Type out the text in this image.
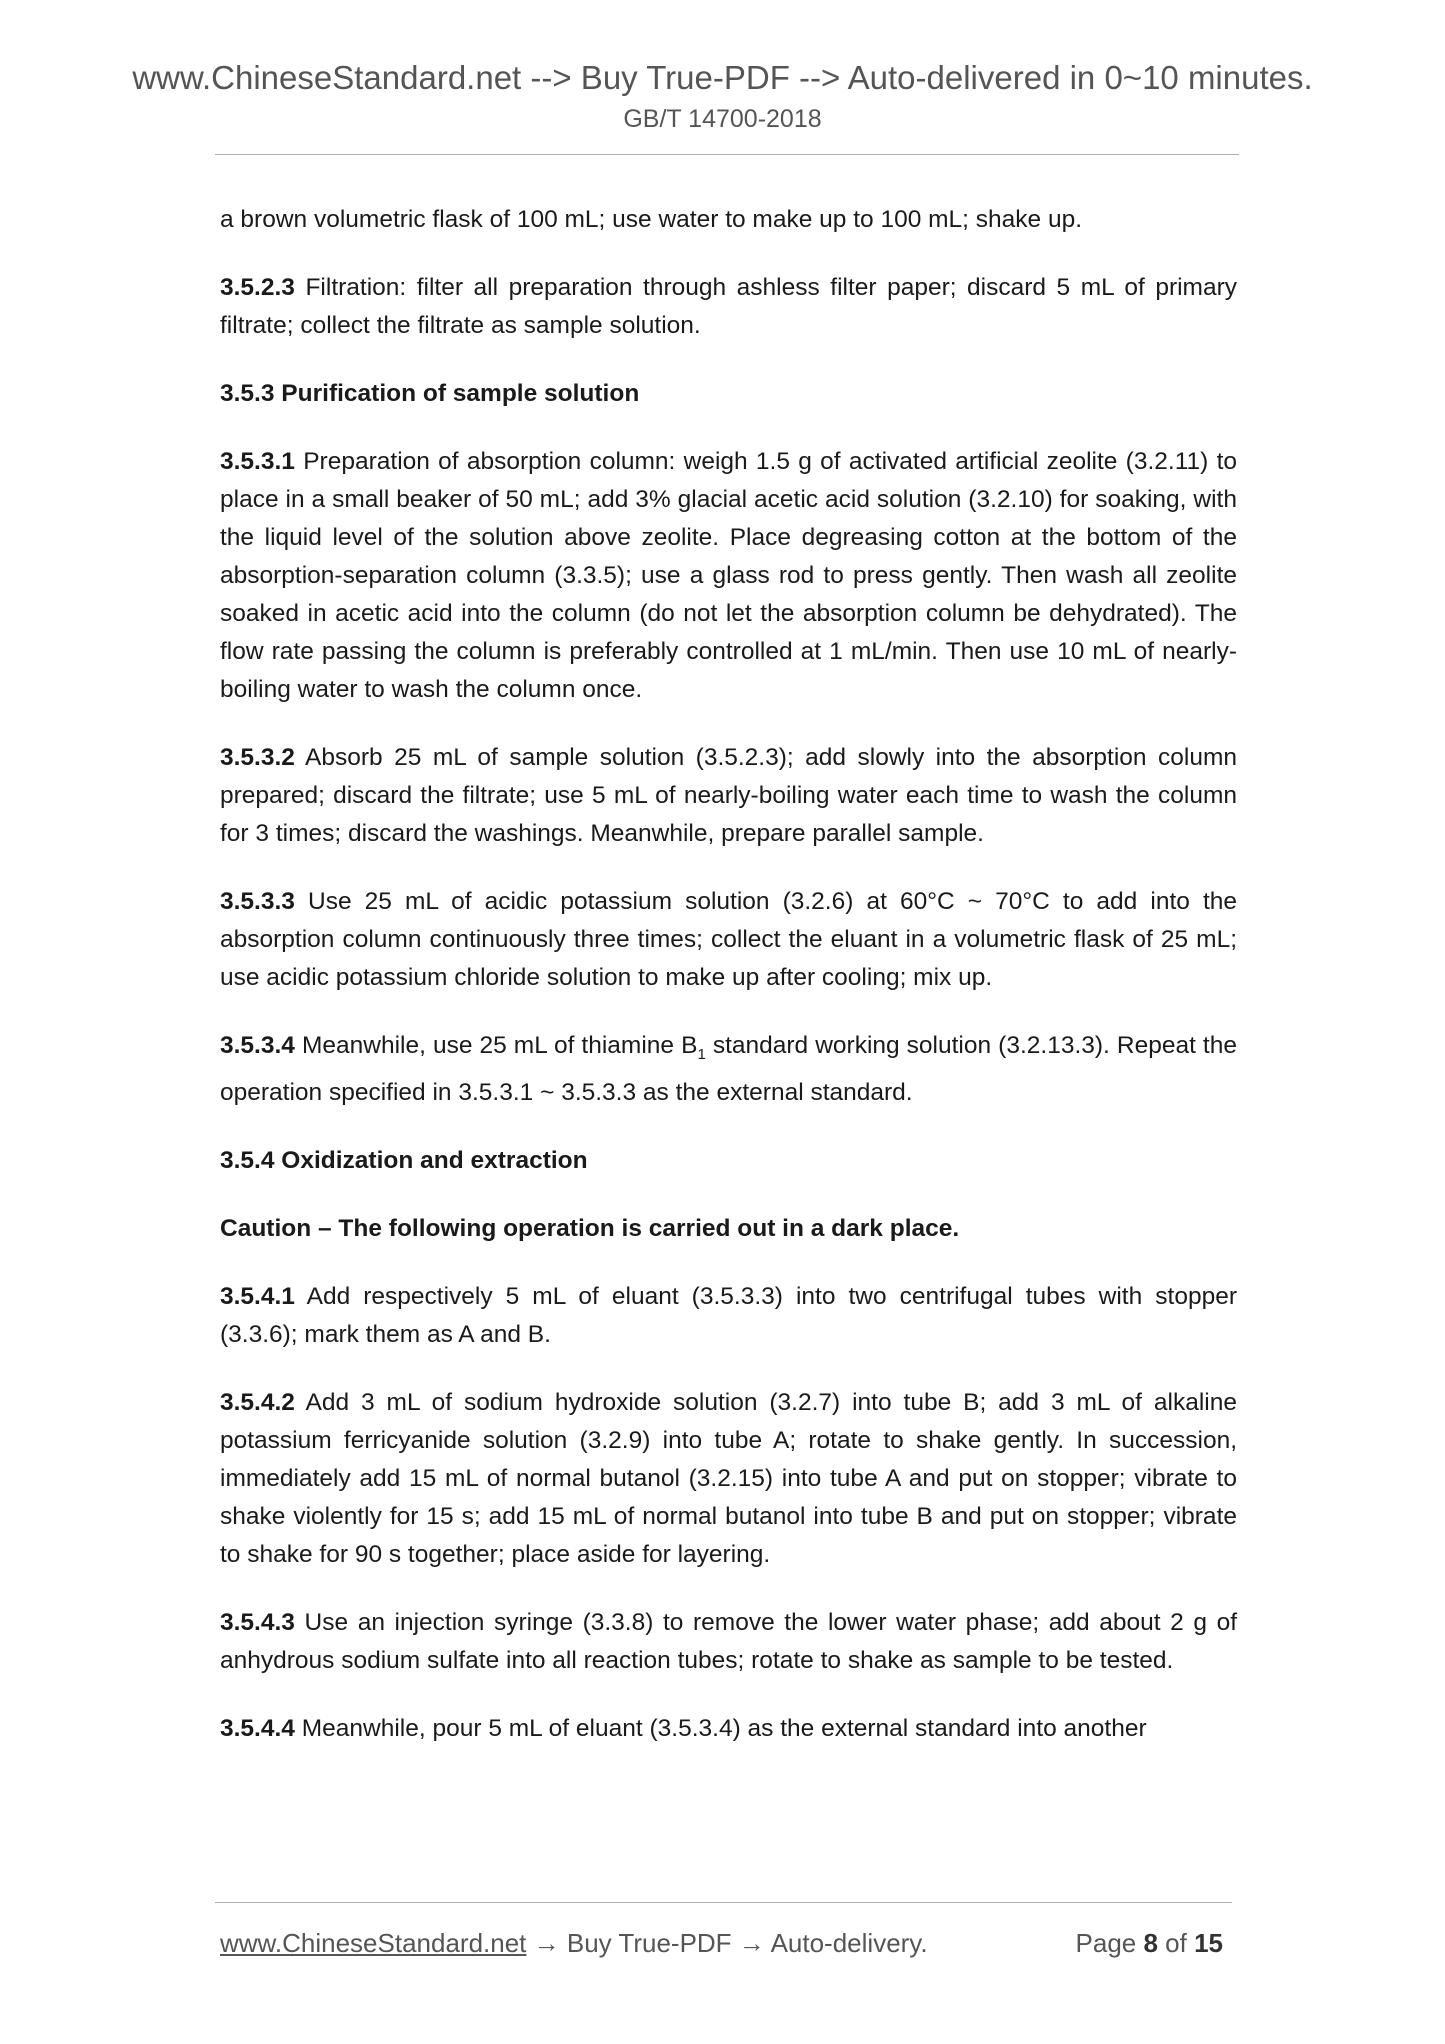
www.ChineseStandard.net --> Buy True-PDF --> Auto-delivered in 0~10 minutes.
GB/T 14700-2018

a brown volumetric flask of 100 mL; use water to make up to 100 mL; shake up.

3.5.2.3 Filtration: filter all preparation through ashless filter paper; discard 5 mL of primary filtrate; collect the filtrate as sample solution.

3.5.3 Purification of sample solution

3.5.3.1 Preparation of absorption column: weigh 1.5 g of activated artificial zeolite (3.2.11) to place in a small beaker of 50 mL; add 3% glacial acetic acid solution (3.2.10) for soaking, with the liquid level of the solution above zeolite. Place degreasing cotton at the bottom of the absorption-separation column (3.3.5); use a glass rod to press gently. Then wash all zeolite soaked in acetic acid into the column (do not let the absorption column be dehydrated). The flow rate passing the column is preferably controlled at 1 mL/min. Then use 10 mL of nearly-boiling water to wash the column once.

3.5.3.2 Absorb 25 mL of sample solution (3.5.2.3); add slowly into the absorption column prepared; discard the filtrate; use 5 mL of nearly-boiling water each time to wash the column for 3 times; discard the washings. Meanwhile, prepare parallel sample.

3.5.3.3 Use 25 mL of acidic potassium solution (3.2.6) at 60°C ~ 70°C to add into the absorption column continuously three times; collect the eluant in a volumetric flask of 25 mL; use acidic potassium chloride solution to make up after cooling; mix up.

3.5.3.4 Meanwhile, use 25 mL of thiamine $B_1$ standard working solution (3.2.13.3). Repeat the operation specified in 3.5.3.1 ~ 3.5.3.3 as the external standard.

3.5.4 Oxidization and extraction

Caution – The following operation is carried out in a dark place.

3.5.4.1 Add respectively 5 mL of eluant (3.5.3.3) into two centrifugal tubes with stopper (3.3.6); mark them as A and B.

3.5.4.2 Add 3 mL of sodium hydroxide solution (3.2.7) into tube B; add 3 mL of alkaline potassium ferricyanide solution (3.2.9) into tube A; rotate to shake gently. In succession, immediately add 15 mL of normal butanol (3.2.15) into tube A and put on stopper; vibrate to shake violently for 15 s; add 15 mL of normal butanol into tube B and put on stopper; vibrate to shake for 90 s together; place aside for layering.

3.5.4.3 Use an injection syringe (3.3.8) to remove the lower water phase; add about 2 g of anhydrous sodium sulfate into all reaction tubes; rotate to shake as sample to be tested.

3.5.4.4 Meanwhile, pour 5 mL of eluant (3.5.3.4) as the external standard into another

www.ChineseStandard.net → Buy True-PDF → Auto-delivery.	Page 8 of 15
